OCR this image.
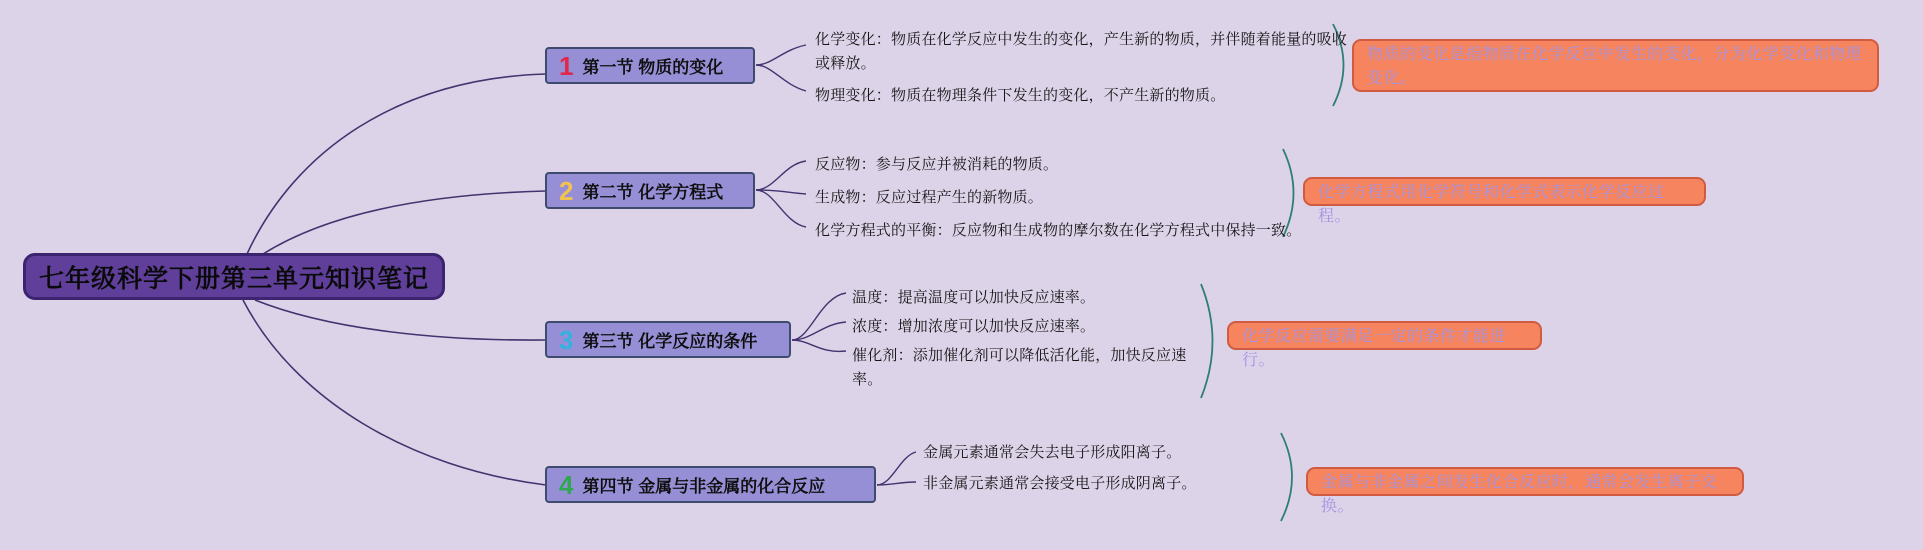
七年级科学下册第三单元知识笔记
1 第一节 物质的变化
化学变化：物质在化学反应中发生的变化，产生新的物质，并伴随着能量的吸收或释放。
物理变化：物质在物理条件下发生的变化，不产生新的物质。
物质的变化是指物质在化学反应中发生的变化，分为化学变化和物理变化。
2 第二节 化学方程式
反应物：参与反应并被消耗的物质。
生成物：反应过程产生的新物质。
化学方程式的平衡：反应物和生成物的摩尔数在化学方程式中保持一致。
化学方程式用化学符号和化学式表示化学反应过程。
3 第三节 化学反应的条件
温度：提高温度可以加快反应速率。
浓度：增加浓度可以加快反应速率。
催化剂：添加催化剂可以降低活化能，加快反应速率。
化学反应需要满足一定的条件才能进行。
4 第四节 金属与非金属的化合反应
金属元素通常会失去电子形成阳离子。
非金属元素通常会接受电子形成阴离子。	金属与非金属之间发生化合反应时，通常会发生离子交换。
